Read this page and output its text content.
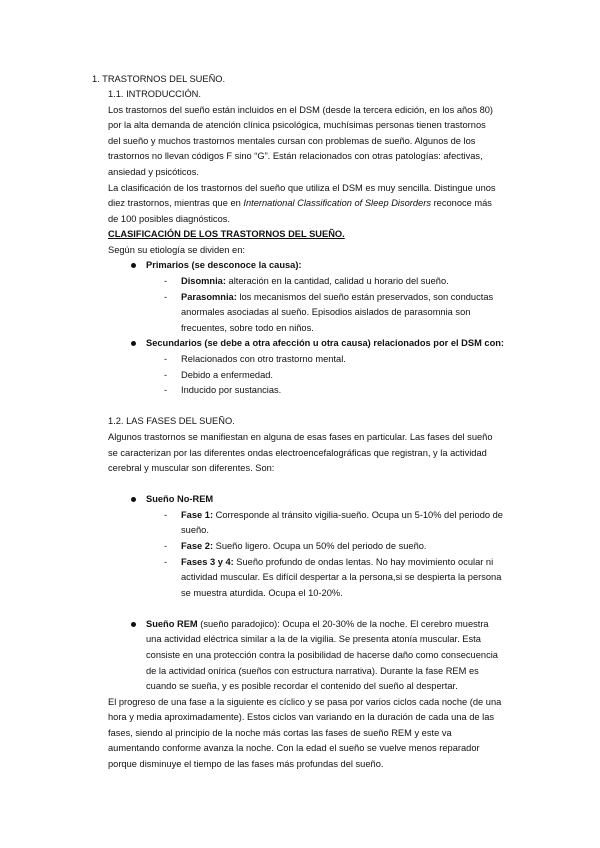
1. TRASTORNOS DEL SUEÑO.
1.1. INTRODUCCIÓN.
Los trastornos del sueño están incluidos en el DSM (desde la tercera edición, en los años 80)
por la alta demanda de atención clínica psicológica, muchísimas personas tienen trastornos
del sueño y muchos trastornos mentales cursan con problemas de sueño. Algunos de los
trastornos no llevan códigos F sino “G”. Están relacionados con otras patologías: afectivas,
ansiedad y psicóticos.
La clasificación de los trastornos del sueño que utiliza el DSM es muy sencilla. Distingue unos
diez trastornos, mientras que en International Classification of Sleep Disorders reconoce más
de 100 posibles diagnósticos.
CLASIFICACIÓN DE LOS TRASTORNOS DEL SUEÑO.
Según su etiología se dividen en:
Primarios (se desconoce la causa):
- Disomnia: alteración en la cantidad, calidad u horario del sueño.
- Parasomnia: los mecanismos del sueño están preservados, son conductas
anormales asociadas al sueño. Episodios aislados de parasomnia son
frecuentes, sobre todo en niños.
Secundarios (se debe a otra afección u otra causa) relacionados por el DSM con:
- Relacionados con otro trastorno mental.
- Debido a enfermedad.
- Inducido por sustancias.
1.2. LAS FASES DEL SUEÑO.
Algunos trastornos se manifiestan en alguna de esas fases en particular. Las fases del sueño
se caracterizan por las diferentes ondas electroencefalográficas que registran, y la actividad
cerebral y muscular son diferentes. Son:
Sueño No-REM
- Fase 1: Corresponde al tránsito vigilia-sueño. Ocupa un 5-10% del periodo de
sueño.
- Fase 2: Sueño ligero. Ocupa un 50% del periodo de sueño.
- Fases 3 y 4: Sueño profundo de ondas lentas. No hay movimiento ocular ni
actividad muscular. Es difícil despertar a la persona,si se despierta la persona
se muestra aturdida. Ocupa el 10-20%.
Sueño REM (sueño paradojico): Ocupa el 20-30% de la noche. El cerebro muestra
una actividad eléctrica similar a la de la vigilia. Se presenta atonía muscular. Esta
consiste en una protección contra la posibilidad de hacerse daño como consecuencia
de la actividad onírica (sueños con estructura narrativa). Durante la fase REM es
cuando se sueña, y es posible recordar el contenido del sueño al despertar.
El progreso de una fase a la siguiente es cíclico y se pasa por varios ciclos cada noche (de una
hora y media aproximadamente). Estos ciclos van variando en la duración de cada una de las
fases, siendo al principio de la noche más cortas las fases de sueño REM y este va
aumentando conforme avanza la noche. Con la edad el sueño se vuelve menos reparador
porque disminuye el tiempo de las fases más profundas del sueño.
